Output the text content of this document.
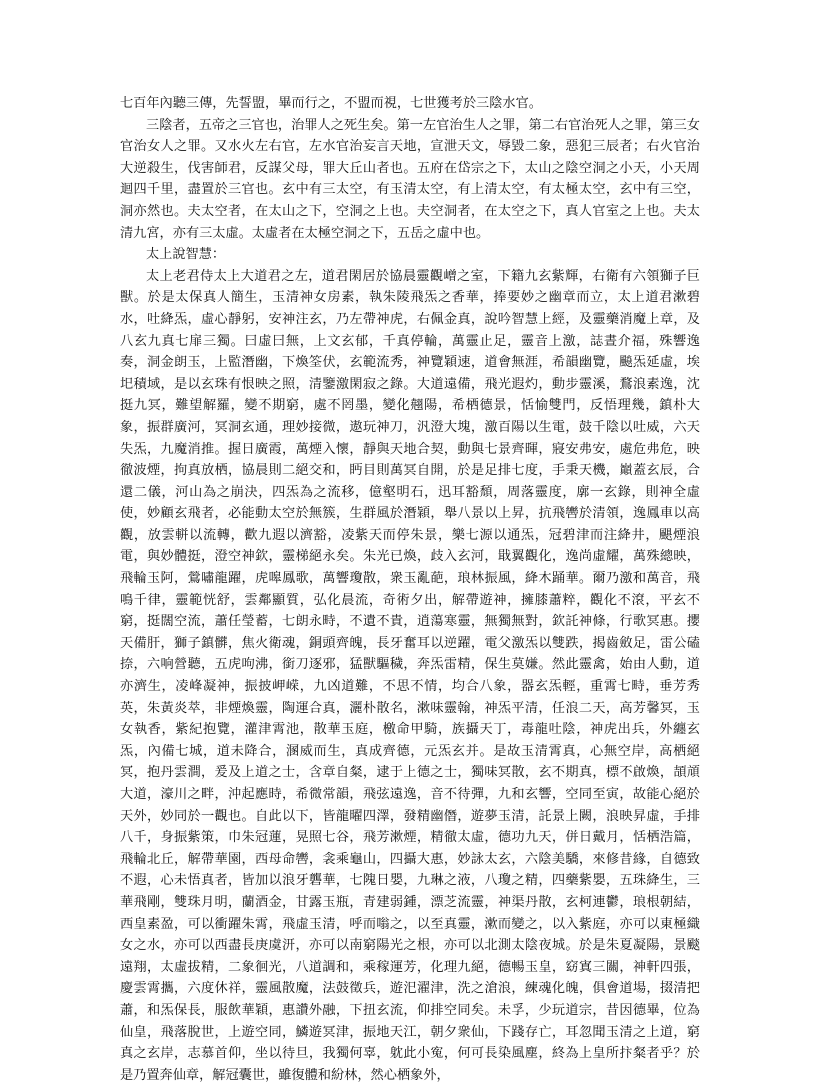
七百年內聽三傳，先誓盟，畢而行之，不盟而視，七世獲考於三陰水官。

三陰者，五帝之三官也，治罪人之死生矣。第一左官治生人之罪，第二右官治死人之罪，第三女官治女人之罪。又水火左右官，左水官治妄言天地，宣泄天文，辱毀二象，惡犯三辰者；右火官治大逆殺生，伐害師君，反謀父母，罪大丘山者也。五府在岱宗之下，太山之陰空洞之小天，小天周迴四千里，盡置於三官也。玄中有三太空，有玉清太空，有上清太空，有太極太空，玄中有三空，洞亦然也。夫太空者，在太山之下，空洞之上也。夫空洞者，在太空之下，真人官室之上也。夫太清九宮，亦有三太虛。太虛者在太極空洞之下，五岳之虛中也。

太上說智慧：

太上老君侍太上大道君之左，道君閑居於協晨靈觀嶒之室，下籍九玄紫輝，右衛有六領獅子巨獸。於是太保真人簡生，玉清神女房素，執朱陵飛炁之香華，捧要妙之幽章而立，太上道君漱碧水，吐絳炁，虛心靜躬，安神注玄，乃左帶神虎，右佩金真，說吟智慧上經，及靈藥消魔上章，及八玄九真七扉三獨。曰虛曰無，上文玄郁，千真停輪，萬靈止足，靈音上激，誌晝介福，殊響逸奏，洞金朗玉，上監潛幽，下煥筌伏，玄範流秀，神覽穎速，道會無涯，希韻幽覽，飈炁延虛，埃圯積域，是以玄珠有恨映之照，清鑒激閑寂之錄。大道遠備，飛光遐灼，動步靈溪，鶩浪素逸，沈挺九冥，難望解羅，變不期窮，處不罔墨，變化翹陽，希栖德景，恬愉雙門，反悟理幾，鎮朴大象，振群廣河，冥洞玄通，理妙接微，遨玩神刀，汎澄大塊，激百陽以生電，鼓千陰以吐威，六天失炁，九魔消推。握日廣霞，萬煙入懷，靜與天地合契，動與七景齊暉，寢安弗安，處危弗危，映徹波煙，拘真放栖，協晨則二絕交和，眄目則萬冥自開，於是足排七度，手秉天機，巔蓋玄辰，合還二儀，河山為之崩決，四炁為之流移，億壑明石，迅耳豁頹，周落靈度，廓一玄錄，則神全虛使，妙顧玄飛者，必能動太空於無簇，生群風於潛穎，舉八景以上昇，抗飛轡於清領，逸鳳車以高觀，放雲軿以流轉，歡九遐以濟豁，凌紫天而停朱景，樂七源以通炁，冠碧津而注絳井，颶煙浪電，與妙體挺，澄空神欽，靈梯絕永矣。朱光已煥，歧入玄河，戢翼觀化，逸尚虛耀，萬殊總映，飛輪玉阿，鶯嘯龍躍，虎嗥鳳歌，萬響瓊散，衆玉亂葩，琅林振風，絳木踊華。爾乃激和萬音，飛鳴千律，靈範恍舒，雲鄰顯質，弘化晨流，奇術夕出，解帶遊神，擁膝蕭粹，觀化不滾，平玄不窮，挺闊空流，蕭任瑩蓄，七朗永畤，不遺不貴，逍蕩寒靈，無獨無對，欽託神條，行歌冥惠。攖天備肝，獅子鎮髒，焦火衛魂，銅頭齊魄，長牙奮耳以逆躍，電父激炁以雙跌，揭齒斂足，雷公磕捺，六响營聽，五虎呴沸，銜刀逐邪，猛獸驅穢，奔炁雷精，保生莫嫌。然此靈禽，始由人動，道亦濟生，凌峰凝神，振披岬嵘，九凶道難，不思不情，均合八象，器玄炁輕，重霄七畤，垂芳秀英，朱黃炎萃，非煙煥靈，陶運合真，灑朴散名，漱味靈翰，神炁平清，任浪二天，高芳馨冥，玉女執香，紫紀抱覽，灌津霄池，散華玉庭，檄命甲騎，族攝天丁，毒龍吐陰，神虎出兵，外纏玄炁，內備七城，道未降合，溷威而生，真成齊德，元炁玄并。是故玉清霄真，心無空岸，高栖絕冥，抱丹雲澗，爰及上道之士，含章自粲，逮于上德之士，獨味冥散，玄不期真，標不啟煥，頡頏大道，濠川之畔，沖起應時，希微常韻，飛弦遠逸，音不待彈，九和玄響，空同至寅，故能心絕於天外，妙同於一觀也。自此以下，皆龍曜四澤，發精幽僭，遊夢玉清，託景上闕，浪映昇虛，手排八千，身振紫策，巾朱冠蓮，晃照七谷，飛芳漱煙，精徹太虛，德功九天，併日戴月，恬栖浩篇，飛輪北丘，解帶華園，西母命轡，衾乘龜山，四攝大惠，妙詠太玄，六陰美驕，來修昔緣，自德致不遐，心未悟真者，皆加以浪牙礱華，七隗日嬰，九琳之液，八瓊之精，四藥紫嬰，五珠絳生，三華飛剛，雙珠月明，蘭酒金，甘露玉瓶，青建弱鍾，漂芝流靈，神渠丹散，玄柯連鬱，琅根朝結，西皇素盈，可以衝躍朱霄，飛虛玉清，呼而嗡之，以至真靈，漱而變之，以入紫庭，亦可以東極織女之水，亦可以西盡長庚虞汧，亦可以南窮陽光之根，亦可以北測太陰夜城。於是朱夏凝陽，景颷遠翔，太虛拔精，二象徊光，八道調和，乘稼運芳，化理九絕，德暢玉皇，窈寘三關，神軒四張，慶雲霄攜，六度休祥，靈風散魔，法鼓徵兵，遊汜濯津，洗之滄浪，練魂化魄，俱會道場，掇清把蕭，和炁保長，服飲華穎，惠讚外融，下扭玄流，仰排空同矣。未孚，少玩道宗，昔因德畢，位為仙皇，飛落脫世，上遊空同，鱗遊冥津，振地天江，朝夕衆仙，下踐存亡，耳忽聞玉清之上道，窮真之玄岸，志慕首仰，坐以待旦，我獨何辜，躭此小寃，何可長染風塵，終為上皇所抃粲者乎？於是乃置奔仙章，解冠囊世，雖復體和紛林，然心栖象外，
